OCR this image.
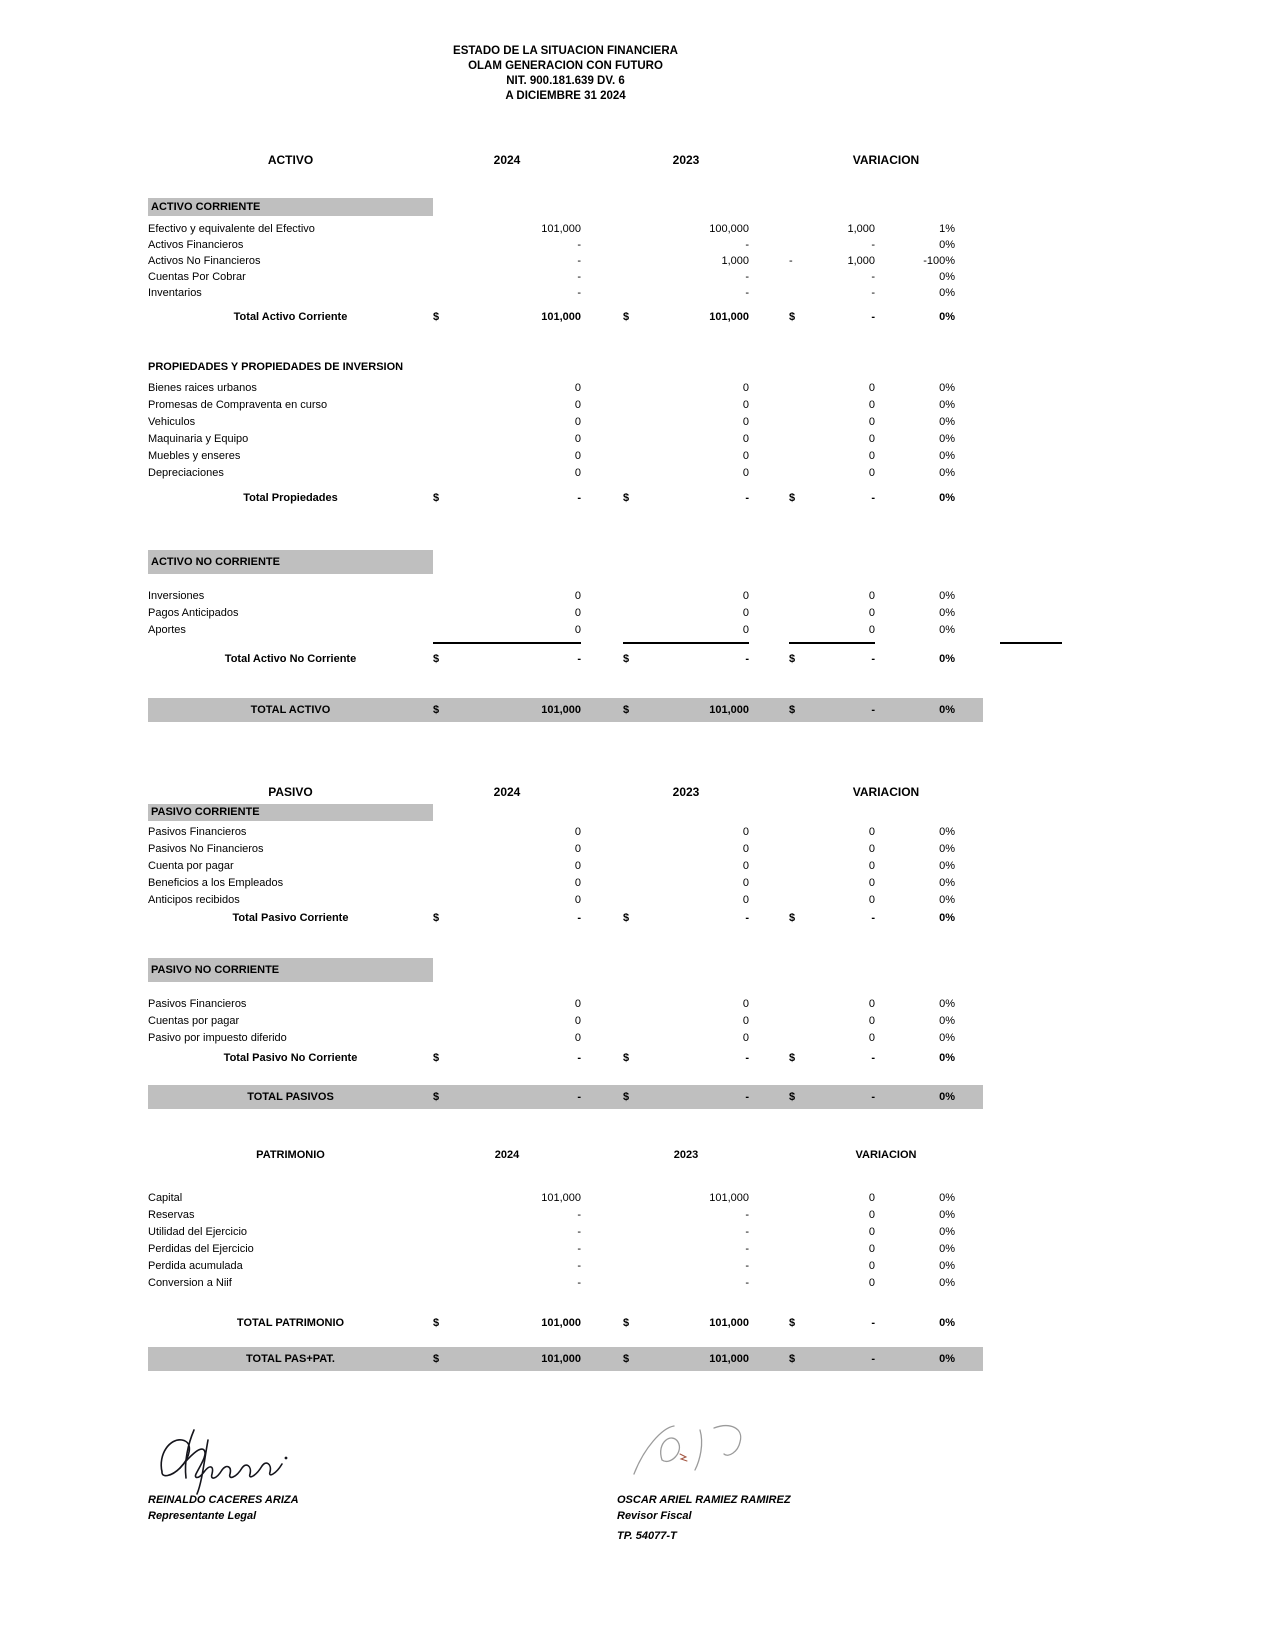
ESTADO DE LA SITUACION FINANCIERA
OLAM GENERACION CON FUTURO
NIT. 900.181.639 DV. 6
A DICIEMBRE 31 2024
ACTIVO	2024	2023	VARIACION
ACTIVO CORRIENTE
Efectivo y equivalente del Efectivo	101,000	100,000	1,000	1%
Activos Financieros	-	-	-	0%
Activos No Financieros	-	1,000	-	1,000	-100%
Cuentas Por Cobrar	-	-	-	0%
Inventarios	-	-	-	0%
Total Activo Corriente	$	101,000	$	101,000	$	-	0%
PROPIEDADES Y PROPIEDADES DE INVERSION
Bienes raices urbanos	0	0	0	0%
Promesas de Compraventa en curso	0	0	0	0%
Vehiculos	0	0	0	0%
Maquinaria y Equipo	0	0	0	0%
Muebles y enseres	0	0	0	0%
Depreciaciones	0	0	0	0%
Total Propiedades	$	-	$	-	$	-	0%
ACTIVO NO CORRIENTE
Inversiones	0	0	0	0%
Pagos Anticipados	0	0	0	0%
Aportes	0	0	0	0%
Total Activo No Corriente	$	-	$	-	$	-	0%
TOTAL ACTIVO	$	101,000	$	101,000	$	-	0%
PASIVO	2024	2023	VARIACION
PASIVO CORRIENTE
Pasivos Financieros	0	0	0	0%
Pasivos No Financieros	0	0	0	0%
Cuenta por pagar	0	0	0	0%
Beneficios a los Empleados	0	0	0	0%
Anticipos recibidos	0	0	0	0%
Total Pasivo Corriente	$	-	$	-	$	-	0%
PASIVO NO CORRIENTE
Pasivos Financieros	0	0	0	0%
Cuentas por pagar	0	0	0	0%
Pasivo por impuesto diferido	0	0	0	0%
Total Pasivo No Corriente	$	-	$	-	$	-	0%
TOTAL PASIVOS	$	-	$	-	$	-	0%
PATRIMONIO	2024	2023	VARIACION
Capital	101,000	101,000	0	0%
Reservas	-	-	0	0%
Utilidad del Ejercicio	-	-	0	0%
Perdidas del Ejercicio	-	-	0	0%
Perdida acumulada	-	-	0	0%
Conversion a Niif	-	-	0	0%
TOTAL PATRIMONIO	$	101,000	$	101,000	$	-	0%
TOTAL PAS+PAT.	$	101,000	$	101,000	$	-	0%
REINALDO CACERES ARIZA
Representante Legal
OSCAR ARIEL RAMIEZ RAMIREZ
Revisor Fiscal
TP. 54077-T
